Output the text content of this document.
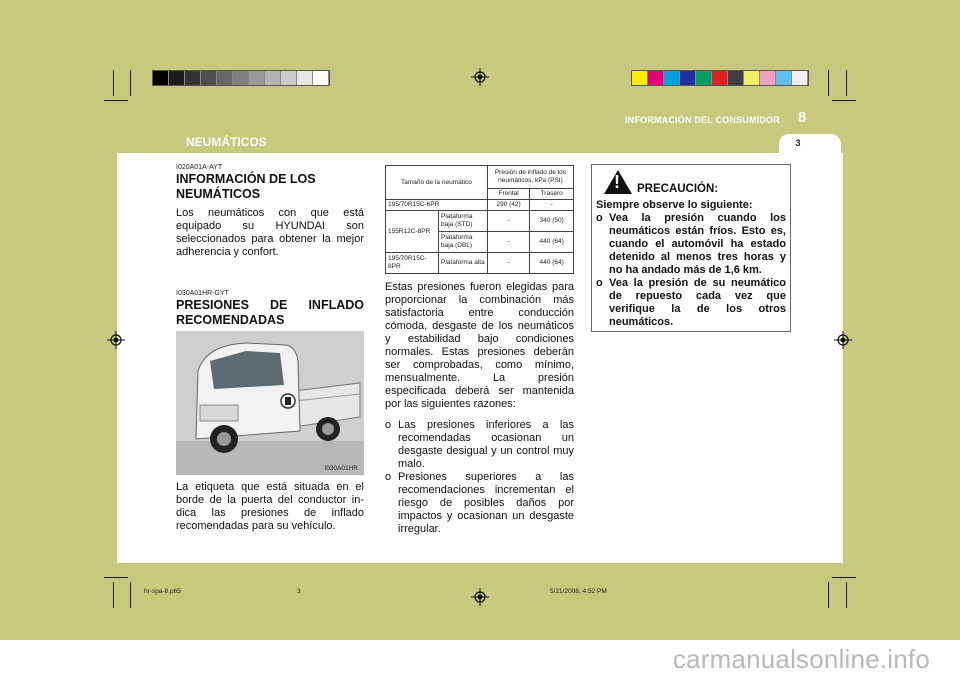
INFORMACIÓN DEL CONSUMIDOR 8
3
NEUMÁTICOS
I020A01A-AYT
INFORMACIÓN DE LOS NEUMÁTICOS
Los neumáticos con que está equipado su HYUNDAI son seleccionados para obtener la mejor adherencia y confort.
I030A01HR-GYT
PRESIONES DE INFLADO RECOMENDADAS
I030A01HR
La etiqueta que está situada en el borde de la puerta del conductor in-dica las presiones de inflado recomendadas para su vehículo.
Tamaño de la neumático		Presión de inflado de los neumáticos, kPa (PSI)	
		Frontal	Trasero
195/70R15C-6PR		290 (42)	-
155R12C-8PR	Plataforma baja (STD)	-	340 (50)
	Plataforma baja (DBL)	-	440 (64)
195/70R15C-8PR	Plataforma alta	-	440 (64)
Estas presiones fueron elegidas para proporcionar la combinación más satisfactoria entre conducción cómoda, desgaste de los neumáticos y estabilidad bajo condiciones normales. Estas presiones deberán ser comprobadas, como mínimo, mensualmente. La presión especificada deberá ser mantenida por las siguientes razones:
o Las presiones inferiores a las recomendadas ocasionan un desgaste desigual y un control muy malo.
o Presiones superiores a las recomendaciones incrementan el riesgo de posibles daños por impactos y ocasionan un desgaste irregular.
! PRECAUCIÓN:
Siempre observe lo siguiente:
o Vea la presión cuando los neumáticos están fríos. Esto es, cuando el automóvil ha estado detenido al menos tres horas y no ha andado más de 1,6 km.
o Vea la presión de su neumático de repuesto cada vez que verifique la de los otros neumáticos.
hr-spa-8.p65	3	5/21/2008, 4:52 PM
carmanualsonline.info
